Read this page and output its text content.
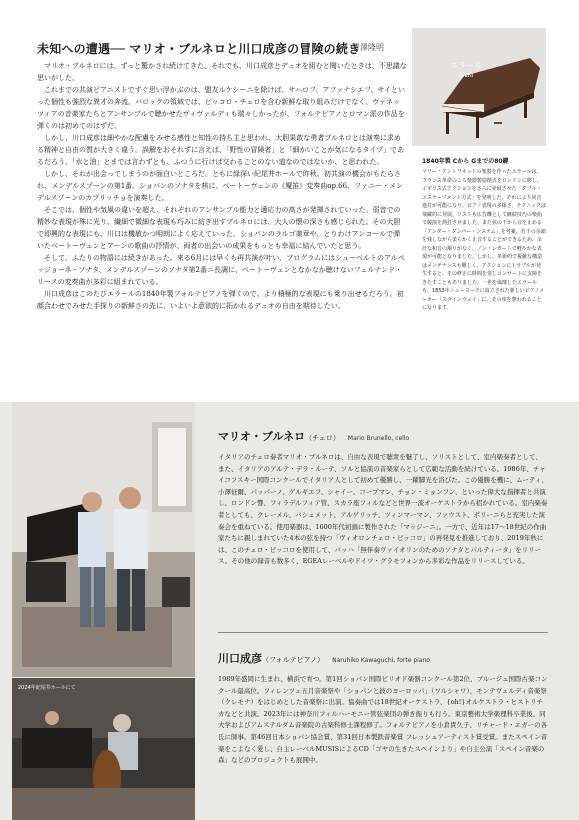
未知への遭遇── マリオ・ブルネロと川口成彦の冒険の続き
青澤隆明

マリオ・ブルネロには、ずっと驚かされ続けてきた。それでも、川口成彦とデュオを組むと聞いたときは、不思議な思いがした。

これまでの共演ピアニストですぐ思い浮かぶのは、盟友ルケシーニを除けば、サハロフ、アファナシエフ、サイといった個性も強烈な異才の奔流。バロックの領域では、ピッコロ・チェロを含む新鮮な取り組みだけでなく、ヴァネッツィアの音楽家たちとアンサンブルで聴かせたヴィヴァルディも瑞々しかったが、フォルテピアノとロマン派の作品を弾くのは初めてのはずだ。

しかし、川口成彦は細やかな配慮をみせる感性と知性の持ち主と思われ、大胆果敢な勇者ブルネロとは演奏に求める精神と自由の質が大きく違う。誤解をおそれずに言えば、「野性の冒険者」と「細かいことが気になるタイプ」であるだろう。「水と油」とまでは言わずとも、ふつうに行けば交わることのない道なのではないか、と思われた。

しかし、それが出会ってしまうのが面白いところだ。ともに緑深い紀尾井ホールで昨秋、初共演の機会がもたらされ、メンデルスゾーンの第1番、ショパンのソナタを核に、ベートーヴェンの《魔笛》変奏曲op.66、ファニー・メンデルスゾーンのカプリッチョを演奏した。

そこでは、個性や気風の違いを超え、それぞれのアンサンブル能力と適応力の高さが発揮されていった。弱音での精妙な表現が殊に光り、繊細で微細な表現も巧みに紡ぎ出すブルネロには、大人の懐の深さも感じられた。その大胆で即興的な表現にも、川口は機敏かつ明朗によく応えていった。ショパンのラルゴ楽章や、とりわけアンコールで弾いたベートーヴェンとアーンの歌曲の抒情が、両者の出会いの成果をもっとも幸福に結んでいたと思う。

そして、ふたりの物語には続きがあった。来る6月には早くも再共演が叶い、プログラムにはシューベルトのアルペッジョーネ・ソナタ、メンデルスゾーンのソナタ第2番ニ長調に、ベートーヴェンとなかなか聴けないフェルナンド・リースの変奏曲が多彩に組まれている。

川口成彦はこのたびエラールの1840年製フォルテピアノを弾くので、より積極的な表現にも乗り出せるだろう。初顔合わせでみせた手探りの新鮮さの先に、いよいよ意欲的に拓かれるデュオの自由を期待したい。

エラール
Erard
1840年製 Cから Gまでの80鍵
マリー・アントワネットの楽器を作ったエラールは、フランス革命のころ楽器製造拠点をロンドンに移し、イギリス式アクションをさらに発展させた「ダブル・エスケープメント方式」を発明した。それにより同音連打が可能になり、ピアノ表現の多様さ、テクニックは飛躍的に発展。リストも広告機として継続技巧の楽曲で競演を熱狂させました。また弦の下から音を止める「アンダー・ダンパー・システム」を考案。若干の余韻を残しながら柔らかく止音することができるため、余計な和音の濁りがなく、ノン・レガートで軽やかな表現が可能となりました。しかし、革新的で複雑な構造はメンテナンスも難しく、アクションにトラブルが発生すると、その修正に時間を要しコンサートに支障をきたすこともありました。一世を風靡したエラールも、1853年ニューヨークに設立された新しいピアノメーカー「スタインウェイ」に、その座を奪われることになります。
2024年紀尾井ホールにて
マリオ・ブルネロ（チェロ） Mario Brunello, cello

イタリアのチェロ奏者マリオ・ブルネロは、自由な表現で聴衆を魅了し、ソリストとして、室内楽奏者として、また、イタリアのアルテ・デラ・ルーテ、ソルと協演の音楽家らとして広範な活動を続けている。1986年、チャイコフスキー国際コンクールでイタリア人として初めて優勝し、一躍脚光を浴びた。この優勝を機に、ムーティ、小澤征爾、パッパーノ、ゲルギエフ、シャイー、コープマン、チョン・ミョンフン、といった偉大な指揮者と共演し、ロンドン響、フィラデルフィア管、スカラ座フィルなどと世界一流オーケストラから招かれている。室内楽奏者としても、クレーメル、バシュメット、アルゲリッチ、ツィンマーマン、ファウスト、ポリーニらと充実した演奏会を重ねている。使用楽器は、1600年代初頭に製作された「マッジーニ」。一方で、近年は17〜18世紀の作曲家たちに親しまれていた4本の弦を持つ「ヴィオロンチェロ・ピッコロ」の再発見を推進しており、2019年秋には、このチェロ・ピッコロを使用して、バッハ「無伴奏ヴァイオリンのためのソナタとパルティータ」をリリース。その他の録音も数多く、EGEAレーベルやドイツ・グラモフォンから多彩な作品をリリースしている。

川口成彦（フォルテピアノ） Naruhiko Kawaguchi, forte piano

1989年盛岡に生まれ、横浜で育つ。第1回ショパン国際ピリオド楽器コンクール第2位、ブルージュ国際古楽コンクール最高位。フィレンツェ五月音楽祭や「ショパンと彼のヨーロッパ」（ワルシャワ）、モンテヴェルディ音楽祭（クレモナ）をはじめとした音楽祭に出演。協奏曲では18世紀オーケストラ、{oh!}オルケストラ・ヒストリチカなどと共演。2023年には神奈川フィルハーモニー管弦楽団の弾き振りも行う。東京藝術大学楽理科卒業後、同大学およびアムステルダム音楽院の古楽科修士課程修了。フォルテピアノを小倉貴久子、リチャード・エガーの各氏に師事。第46回日本ショパン協会賞、第31回日本製鉄音楽賞 フレッシュアーティスト賞受賞。またスペイン音楽をこよなく愛し、自主レーベルMUSISによるCD「ゴヤの生きたスペインより」や自主公演「スペイン音楽の森」などのプロジェクトも展開中。
